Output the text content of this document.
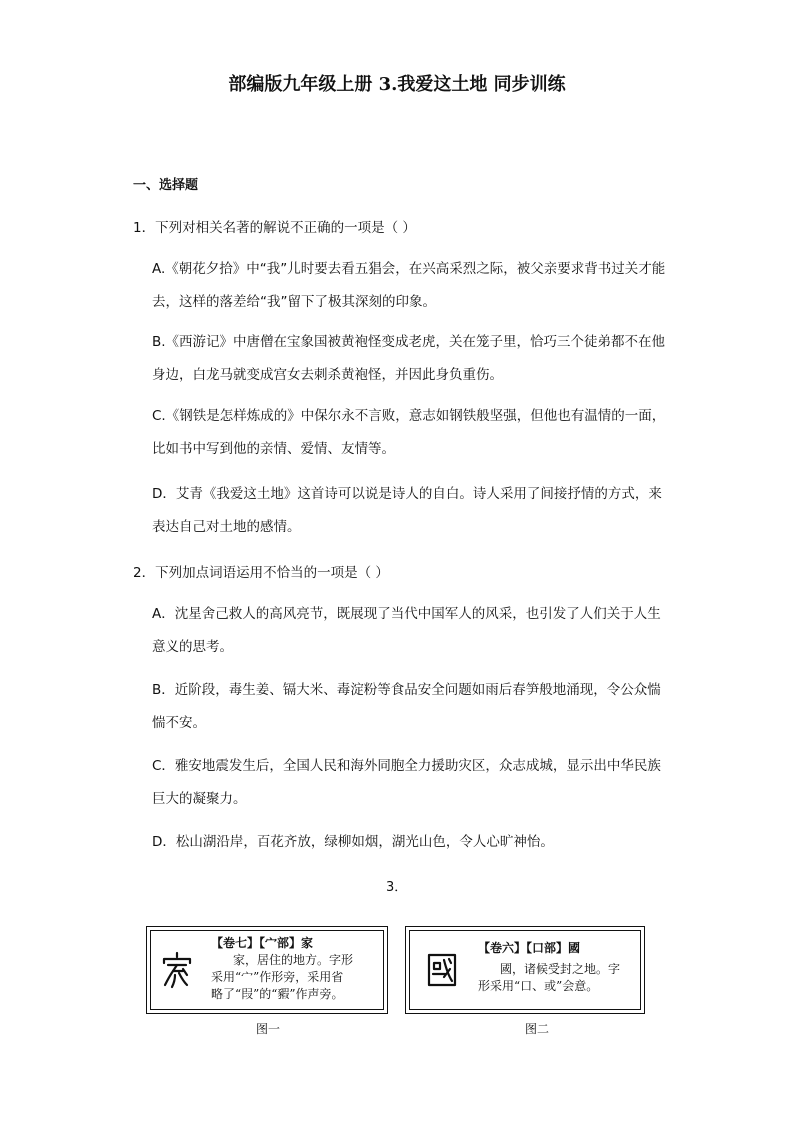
部编版九年级上册 3.我爱这土地 同步训练
一、选择题
1．下列对相关名著的解说不正确的一项是（ ）
A.《朝花夕拾》中“我”儿时要去看五猖会，在兴高采烈之际，被父亲要求背书过关才能去，这样的落差给“我”留下了极其深刻的印象。
B.《西游记》中唐僧在宝象国被黄袍怪变成老虎，关在笼子里，恰巧三个徒弟都不在他身边，白龙马就变成宫女去刺杀黄袍怪，并因此身负重伤。
C.《钢铁是怎样炼成的》中保尔永不言败，意志如钢铁般坚强，但他也有温情的一面，比如书中写到他的亲情、爱情、友情等。
D．艾青《我爱这土地》这首诗可以说是诗人的自白。诗人采用了间接抒情的方式，来表达自己对土地的感情。
2．下列加点词语运用不恰当的一项是（ ）
A．沈星舍己救人的高风亮节，既展现了当代中国军人的风采，也引发了人们关于人生意义的思考。
B．近阶段，毒生姜、镉大米、毒淀粉等食品安全问题如雨后春笋般地涌现，令公众惴惴不安。
C．雅安地震发生后，全国人民和海外同胞全力援助灾区，众志成城，显示出中华民族巨大的凝聚力。
D．松山湖沿岸，百花齐放，绿柳如烟，湖光山色，令人心旷神怡。
3．
【卷七】【宀部】家
家，居住的地方。字形
采用“宀”作形旁，采用省
略了“叚”的“豭”作声旁。
图一
【卷六】【口部】國
國，诸候受封之地。字
形采用“口、或”会意。
图二
